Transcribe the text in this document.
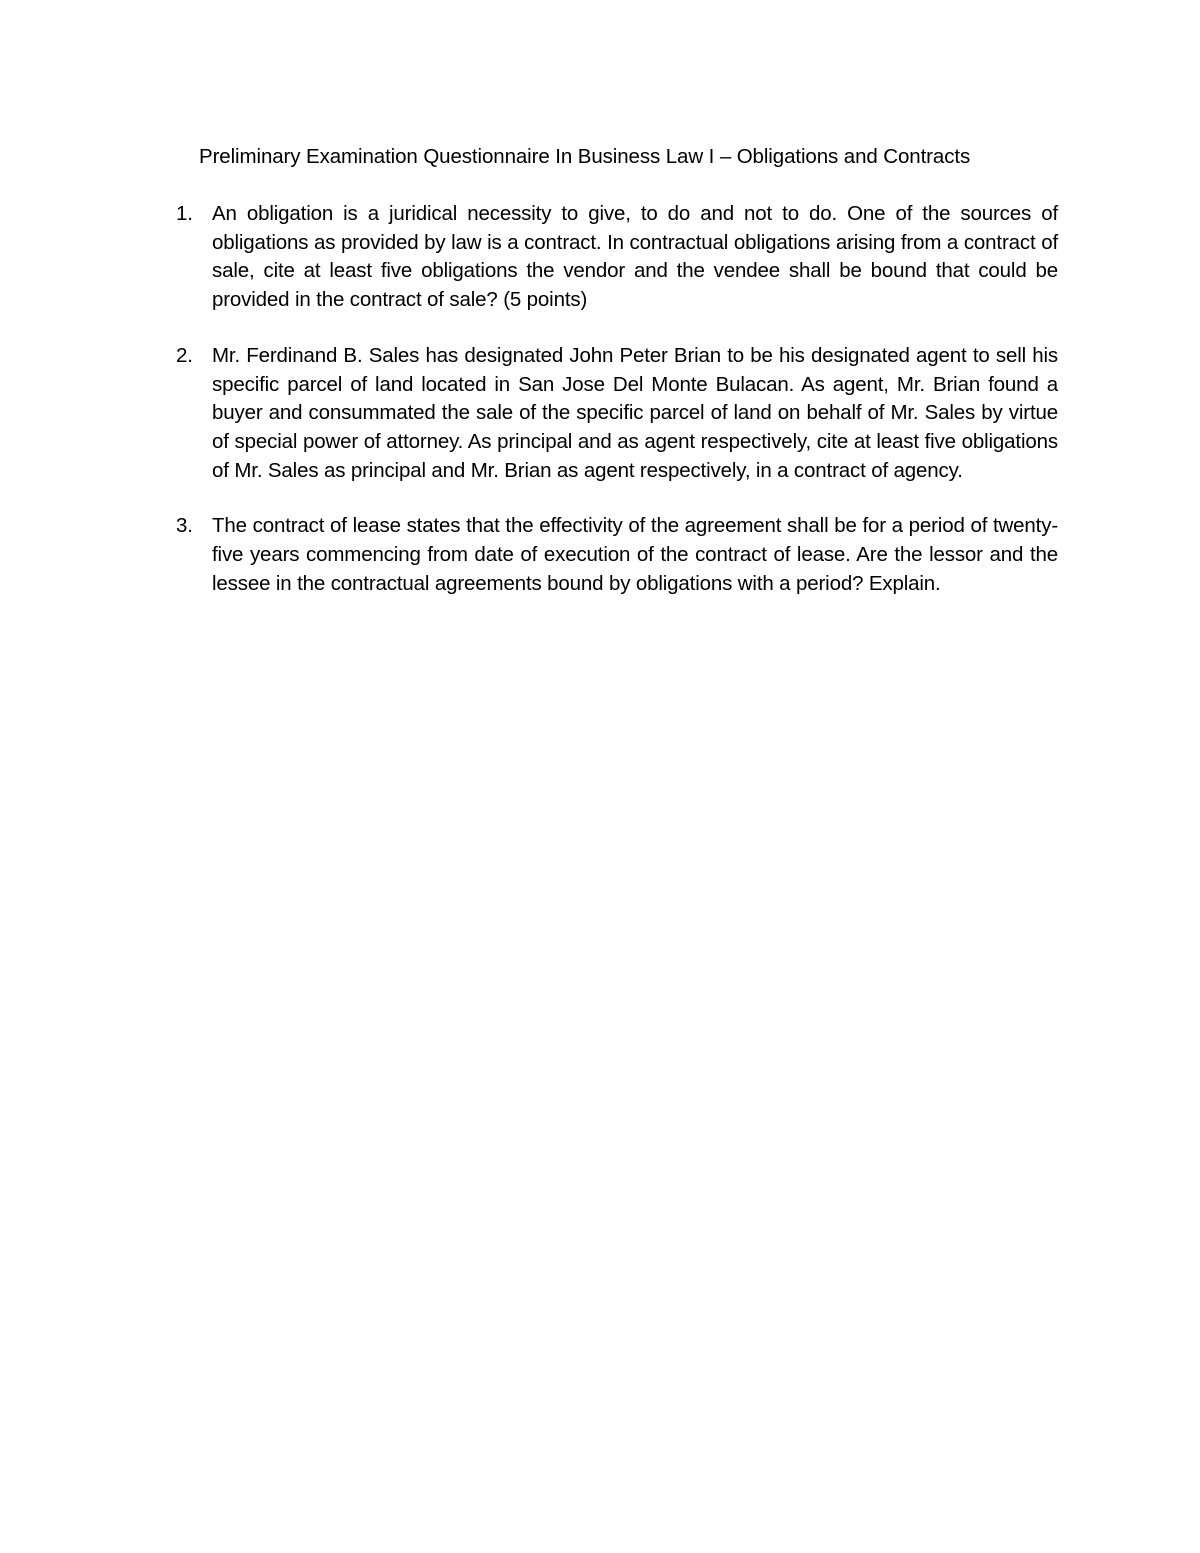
Preliminary Examination Questionnaire In Business Law I – Obligations and Contracts
1. An obligation is a juridical necessity to give, to do and not to do. One of the sources of obligations as provided by law is a contract. In contractual obligations arising from a contract of sale, cite at least five obligations the vendor and the vendee shall be bound that could be provided in the contract of sale? (5 points)
2. Mr. Ferdinand B. Sales has designated John Peter Brian to be his designated agent to sell his specific parcel of land located in San Jose Del Monte Bulacan. As agent, Mr. Brian found a buyer and consummated the sale of the specific parcel of land on behalf of Mr. Sales by virtue of special power of attorney. As principal and as agent respectively, cite at least five obligations of Mr. Sales as principal and Mr. Brian as agent respectively, in a contract of agency.
3. The contract of lease states that the effectivity of the agreement shall be for a period of twenty-five years commencing from date of execution of the contract of lease. Are the lessor and the lessee in the contractual agreements bound by obligations with a period? Explain.
